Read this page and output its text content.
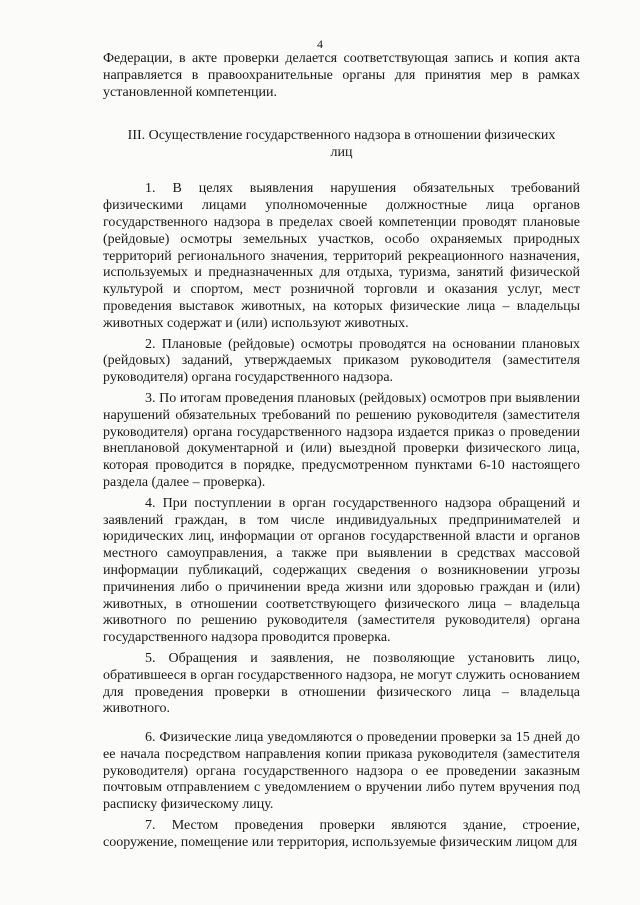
4

Федерации, в акте проверки делается соответствующая запись и копия акта направляется в правоохранительные органы для принятия мер в рамках установленной компетенции.

III. Осуществление государственного надзора в отношении физических лиц

1. В целях выявления нарушения обязательных требований физическими лицами уполномоченные должностные лица органов государственного надзора в пределах своей компетенции проводят плановые (рейдовые) осмотры земельных участков, особо охраняемых природных территорий регионального значения, территорий рекреационного назначения, используемых и предназначенных для отдыха, туризма, занятий физической культурой и спортом, мест розничной торговли и оказания услуг, мест проведения выставок животных, на которых физические лица – владельцы животных содержат и (или) используют животных.

2. Плановые (рейдовые) осмотры проводятся на основании плановых (рейдовых) заданий, утверждаемых приказом руководителя (заместителя руководителя) органа государственного надзора.

3. По итогам проведения плановых (рейдовых) осмотров при выявлении нарушений обязательных требований по решению руководителя (заместителя руководителя) органа государственного надзора издается приказ о проведении внеплановой документарной и (или) выездной проверки физического лица, которая проводится в порядке, предусмотренном пунктами 6-10 настоящего раздела (далее – проверка).

4. При поступлении в орган государственного надзора обращений и заявлений граждан, в том числе индивидуальных предпринимателей и юридических лиц, информации от органов государственной власти и органов местного самоуправления, а также при выявлении в средствах массовой информации публикаций, содержащих сведения о возникновении угрозы причинения либо о причинении вреда жизни или здоровью граждан и (или) животных, в отношении соответствующего физического лица – владельца животного по решению руководителя (заместителя руководителя) органа государственного надзора проводится проверка.

5. Обращения и заявления, не позволяющие установить лицо, обратившееся в орган государственного надзора, не могут служить основанием для проведения проверки в отношении физического лица – владельца животного.

6. Физические лица уведомляются о проведении проверки за 15 дней до ее начала посредством направления копии приказа руководителя (заместителя руководителя) органа государственного надзора о ее проведении заказным почтовым отправлением с уведомлением о вручении либо путем вручения под расписку физическому лицу.

7. Местом проведения проверки являются здание, строение, сооружение, помещение или территория, используемые физическим лицом для
